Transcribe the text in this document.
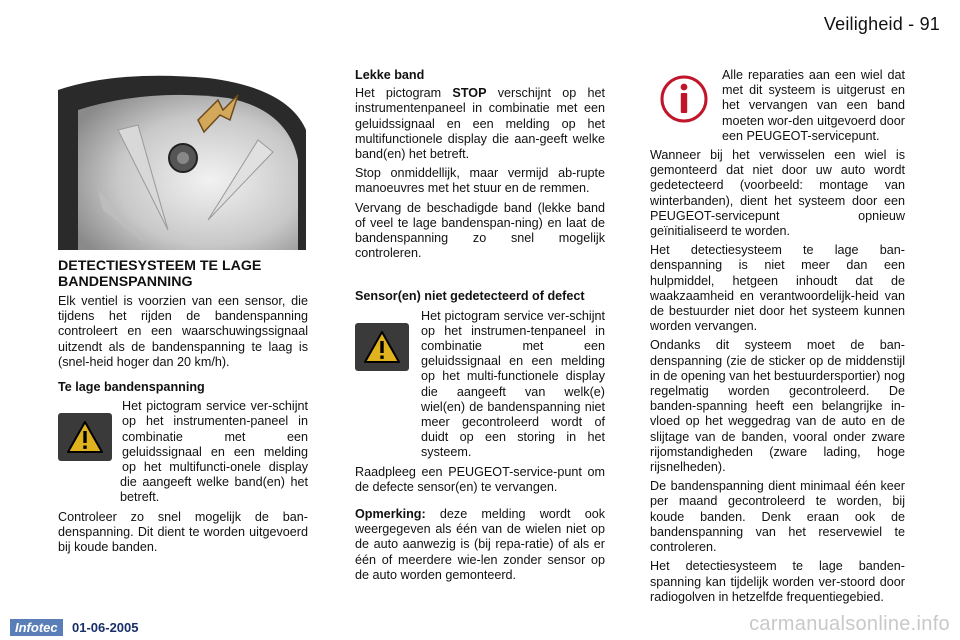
Veiligheid - 91
DETECTIESYSTEEM TE LAGE BANDENSPANNING

Elk ventiel is voorzien van een sensor, die tijdens het rijden de bandenspanning controleert en een waarschuwingssignaal uitzendt als de bandenspanning te laag is (snel-heid hoger dan 20 km/h).

Te lage bandenspanning

Het pictogram service ver-schijnt op het instrumenten-paneel in combinatie met een geluidssignaal en een melding op het multifuncti-onele display die aangeeft welke band(en) het betreft.

Controleer zo snel mogelijk de ban-denspanning. Dit dient te worden uitgevoerd bij koude banden.

Lekke band

Het pictogram STOP verschijnt op het instrumentenpaneel in combinatie met een geluidssignaal en een melding op het multifunctionele display die aan-geeft welke band(en) het betreft.

Stop onmiddellijk, maar vermijd ab-rupte manoeuvres met het stuur en de remmen.

Vervang de beschadigde band (lekke band of veel te lage bandenspan-ning) en laat de bandenspanning zo snel mogelijk controleren.

Sensor(en) niet gedetecteerd of defect

Het pictogram service ver-schijnt op het instrumen-tenpaneel in combinatie met een geluidssignaal en een melding op het multi-functionele display die aangeeft van welk(e) wiel(en) de bandenspanning niet meer gecontroleerd wordt of duidt op een storing in het systeem.

Raadpleeg een PEUGEOT-service-punt om de defecte sensor(en) te vervangen.

Opmerking: deze melding wordt ook weergegeven als één van de wielen niet op de auto aanwezig is (bij repa-ratie) of als er één of meerdere wie-len zonder sensor op de auto worden gemonteerd.

Alle reparaties aan een wiel dat met dit systeem is uitgerust en het vervangen van een band moeten wor-den uitgevoerd door een PEUGEOT-servicepunt.

Wanneer bij het verwisselen een wiel is gemonteerd dat niet door uw auto wordt gedetecteerd (voorbeeld: montage van winterbanden), dient het systeem door een PEUGEOT-servicepunt opnieuw geïnitialiseerd te worden.

Het detectiesysteem te lage ban-denspanning is niet meer dan een hulpmiddel, hetgeen inhoudt dat de waakzaamheid en verantwoordelijk-heid van de bestuurder niet door het systeem kunnen worden vervangen.

Ondanks dit systeem moet de ban-denspanning (zie de sticker op de middenstijl in de opening van het bestuurdersportier) nog regelmatig worden gecontroleerd. De banden-spanning heeft een belangrijke in-vloed op het weggedrag van de auto en de slijtage van de banden, vooral onder zware rijomstandigheden (zware lading, hoge rijsnelheden).

De bandenspanning dient minimaal één keer per maand gecontroleerd te worden, bij koude banden. Denk eraan ook de bandenspanning van het reservewiel te controleren.

Het detectiesysteem te lage banden-spanning kan tijdelijk worden ver-stoord door radiogolven in hetzelfde frequentiegebied.

Infotec	01-06-2005	carmanualsonline.info
